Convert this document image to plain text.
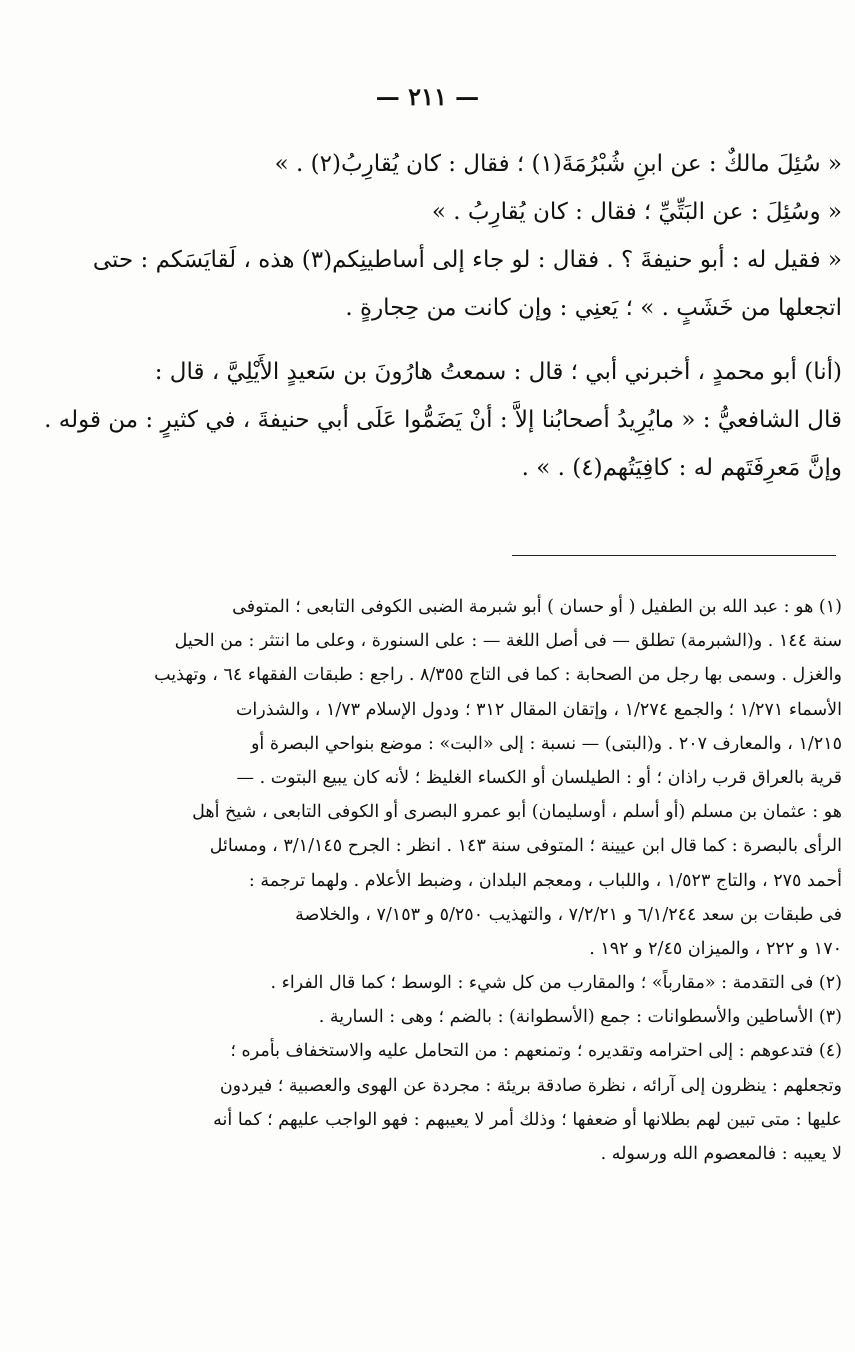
— ٢١١ —
« سُئِلَ مالكٌ : عن ابنِ شُبْرُمَةَ(١) ؛ فقال : كان يُقارِبُ(٢) . »
« وسُئِلَ : عن البَتِّيِّ ؛ فقال : كان يُقارِبُ . »
« فقيل له : أبو حنيفةَ ؟ . فقال : لو جاء إلى أساطينِكم(٣) هذه ، لَقايَسَكم : حتى
اتجعلها من خَشَبٍ . » ؛ يَعنِي : وإن كانت من حِجارةٍ .
(أنا) أبو محمدٍ ، أخبرني أبي ؛ قال : سمعتُ هارُونَ بن سَعيدٍ الأَيْلِيَّ ، قال :
قال الشافعيُّ : « مايُرِيدُ أصحابُنا إلاَّ : أنْ يَضَمُّوا عَلَى أبي حنيفةَ ، في كثيرٍ : من قوله .
وإنَّ مَعرِفَتَهم له : كافِيَتُهم(٤) . » .
(١) هو : عبد الله بن الطفيل ( أو حسان ) أبو شبرمة الضبى الكوفى التابعى ؛ المتوفى
سنة ١٤٤ . و(الشبرمة) تطلق — فى أصل اللغة — : على السنورة ، وعلى ما انتثر : من الحيل
والغزل . وسمى بها رجل من الصحابة : كما فى التاج ٨/٣٥٥ . راجع : طبقات الفقهاء ٦٤ ، وتهذيب
الأسماء ١/٢٧١ ؛ والجمع ١/٢٧٤ ، وإتقان المقال ٣١٢ ؛ ودول الإسلام ١/٧٣ ، والشذرات
١/٢١٥ ، والمعارف ٢٠٧ . و(البتى) — نسبة : إلى «البت» : موضع بنواحي البصرة أو
قرية بالعراق قرب راذان ؛ أو : الطيلسان أو الكساء الغليظ ؛ لأنه كان يبيع البتوت . —
هو : عثمان بن مسلم (أو أسلم ، أوسليمان) أبو عمرو البصرى أو الكوفى التابعى ، شيخ أهل
الرأى بالبصرة : كما قال ابن عيينة ؛ المتوفى سنة ١٤٣ . انظر : الجرح ٣/١/١٤٥ ، ومسائل
أحمد ٢٧٥ ، والتاج ١/٥٢٣ ، واللباب ، ومعجم البلدان ، وضبط الأعلام . ولهما ترجمة :
فى طبقات بن سعد ٦/١/٢٤٤ و ٧/٢/٢١ ، والتهذيب ٥/٢٥٠ و ٧/١٥٣ ، والخلاصة
١٧٠ و ٢٢٢ ، والميزان ٢/٤٥ و ١٩٢ .
(٢) فى التقدمة : «مقارباً» ؛ والمقارب من كل شيء : الوسط ؛ كما قال الفراء .
(٣) الأساطين والأسطوانات : جمع (الأسطوانة) : بالضم ؛ وهى : السارية .
(٤) فتدعوهم : إلى احترامه وتقديره ؛ وتمنعهم : من التحامل عليه والاستخفاف بأمره ؛
وتجعلهم : ينظرون إلى آرائه ، نظرة صادقة بريئة : مجردة عن الهوى والعصبية ؛ فيردون
عليها : متى تبين لهم بطلانها أو ضعفها ؛ وذلك أمر لا يعيبهم : فهو الواجب عليهم ؛ كما أنه
لا يعيبه : فالمعصوم الله ورسوله .
